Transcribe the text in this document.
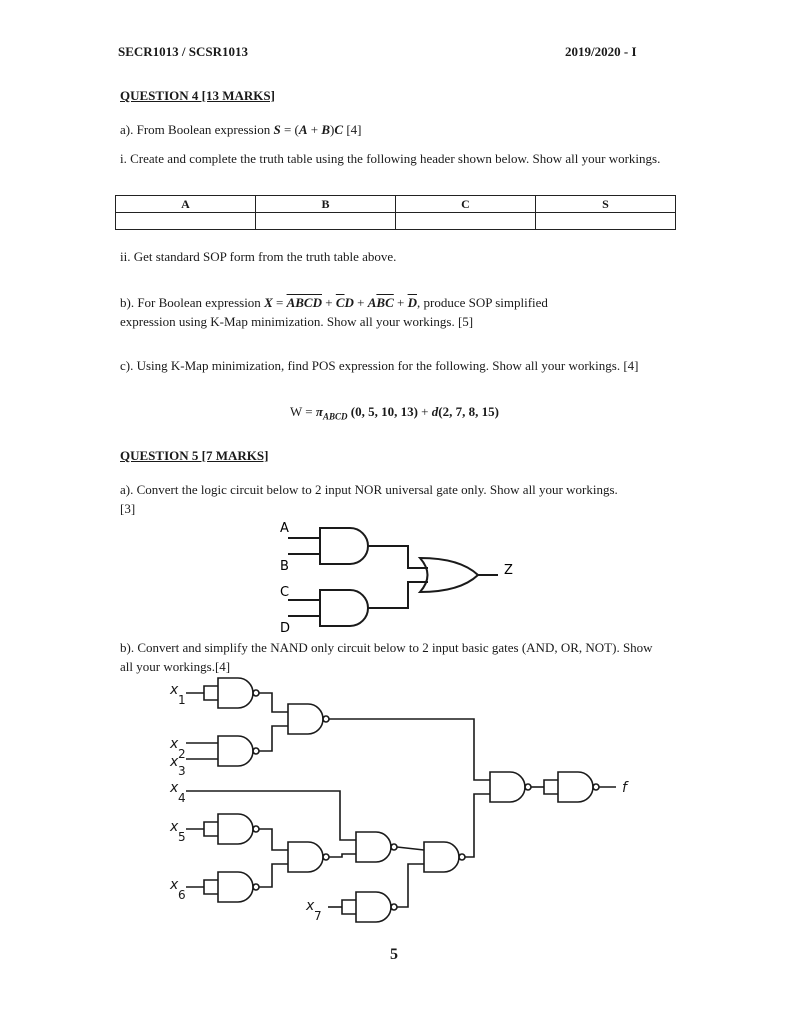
SECR1013 / SCSR1013	2019/2020 - I
QUESTION 4 [13 MARKS]
a). From Boolean expression S = (A + B)C [4]
i. Create and complete the truth table using the following header shown below. Show all your workings.
A	B	C	S

ii. Get standard SOP form from the truth table above.
b). For Boolean expression X = ABCD + $\overline{C}D + A\overline{BC} + \overline{D}$, produce SOP simplified
expression using K-Map minimization. Show all your workings. [5]
c). Using K-Map minimization, find POS expression for the following. Show all your workings. [4]
$W = \pi_{ABCD}$ (0, 5, 10, 13) + d(2, 7, 8, 15)
QUESTION 5 [7 MARKS]
a). Convert the logic circuit below to 2 input NOR universal gate only. Show all your workings. [3]
A
B
C
D
Z
b). Convert and simplify the NAND only circuit below to 2 input basic gates (AND, OR, NOT). Show all your workings.[4]
x
1
x
2
x
3
x
4
x
5
x
6
x
7
f
5
